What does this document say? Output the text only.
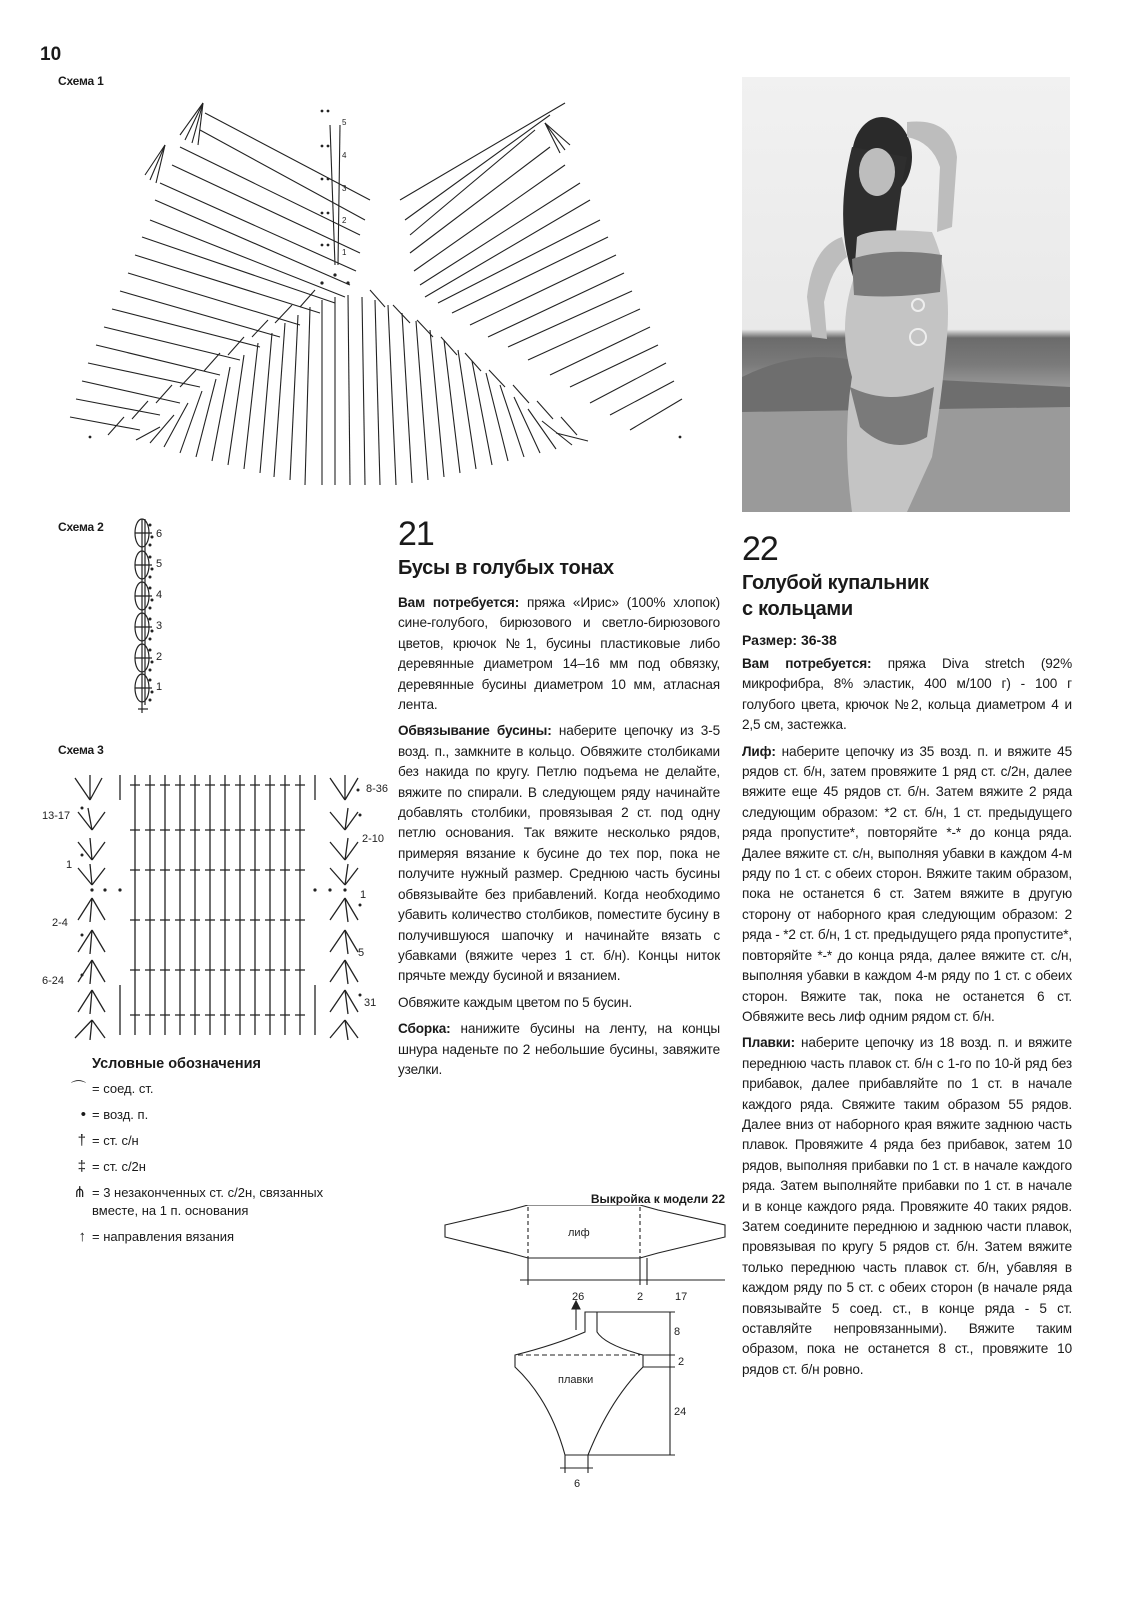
10
Схема 1
1
2
3
4
5
Схема 2
1
2
3
4
5
6
Схема 3
13-17
1
2-4
6-24
8-36
2-10
1
5
31
Условные обозначения
⌒ = соед. ст.
• = возд. п.
† = ст. с/н
‡ = ст. с/2н
⋔ = 3 незаконченных ст. с/2н, связанных вместе, на 1 п. основания
↑ = направления вязания
21
Бусы в голубых тонах

Вам потребуется: пряжа «Ирис» (100% хлопок) сине-голубого, бирюзового и светло-бирюзового цветов, крючок №1, бусины пластиковые либо деревянные диаметром 14–16 мм под обвязку, деревянные бусины диаметром 10 мм, атласная лента.

Обвязывание бусины: наберите цепочку из 3-5 возд. п., замкните в кольцо. Обвяжите столбиками без накида по кругу. Петлю подъема не делайте, вяжите по спирали. В следующем ряду начинайте добавлять столбики, провязывая 2 ст. под одну петлю основания. Так вяжите несколько рядов, примеряя вязание к бусине до тех пор, пока не получите нужный размер. Среднюю часть бусины обвязывайте без прибавлений. Когда необходимо убавить количество столбиков, поместите бусину в получившуюся шапочку и начинайте вязать с убавками (вяжите через 1 ст. б/н). Концы ниток прячьте между бусиной и вязанием.

Обвяжите каждым цветом по 5 бусин.

Сборка: нанижите бусины на ленту, на концы шнура наденьте по 2 небольшие бусины, завяжите узелки.

Выкройка к модели 22
лиф
плавки
26	2	17
8
2
24
6
22
Голубой купальник
с кольцами
Размер: 36-38

Вам потребуется: пряжа Diva stretch (92% микрофибра, 8% эластик, 400 м/100 г) - 100 г голубого цвета, крючок №2, кольца диаметром 4 и 2,5 см, застежка.

Лиф: наберите цепочку из 35 возд. п. и вяжите 45 рядов ст. б/н, затем провяжите 1 ряд ст. с/2н, далее вяжите еще 45 рядов ст. б/н. Затем вяжите 2 ряда следующим образом: *2 ст. б/н, 1 ст. предыдущего ряда пропустите*, повторяйте *-* до конца ряда. Далее вяжите ст. с/н, выполняя убавки в каждом 4-м ряду по 1 ст. с обеих сторон. Вяжите таким образом, пока не останется 6 ст. Затем вяжите в другую сторону от наборного края следующим образом: 2 ряда - *2 ст. б/н, 1 ст. предыдущего ряда пропустите*, повторяйте *-* до конца ряда, далее вяжите ст. с/н, выполняя убавки в каждом 4-м ряду по 1 ст. с обеих сторон. Вяжите так, пока не останется 6 ст. Обвяжите весь лиф одним рядом ст. б/н.

Плавки: наберите цепочку из 18 возд. п. и вяжите переднюю часть плавок ст. б/н с 1-го по 10-й ряд без прибавок, далее прибавляйте по 1 ст. в начале каждого ряда. Свяжите таким образом 55 рядов. Далее вниз от наборного края вяжите заднюю часть плавок. Провяжите 4 ряда без прибавок, затем 10 рядов, выполняя прибавки по 1 ст. в начале каждого ряда. Затем выполняйте прибавки по 1 ст. в начале и в конце каждого ряда. Провяжите 40 таких рядов. Затем соедините переднюю и заднюю части плавок, провязывая по кругу 5 рядов ст. б/н. Затем вяжите только переднюю часть плавок ст. б/н, убавляя в каждом ряду по 5 ст. с обеих сторон (в начале ряда повязывайте 5 соед. ст., в конце ряда - 5 ст. оставляйте непровязанными). Вяжите таким образом, пока не останется 8 ст., провяжите 10 рядов ст. б/н ровно.
